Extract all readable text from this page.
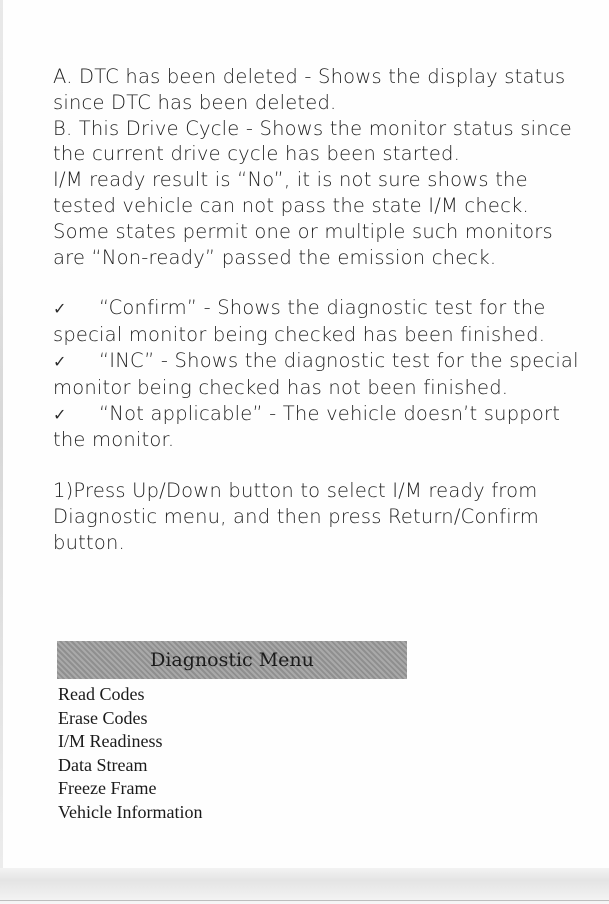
A. DTC has been deleted - Shows the display status since DTC has been deleted.

B. This Drive Cycle - Shows the monitor status since the current drive cycle has been started.

I/M ready result is “No”, it is not sure shows the tested vehicle can not pass the state I/M check. Some states permit one or multiple such monitors are “Non-ready” passed the emission check.

✓ “Confirm” - Shows the diagnostic test for the special monitor being checked has been finished.

✓ “INC” - Shows the diagnostic test for the special monitor being checked has not been finished.

✓ “Not applicable” - The vehicle doesn’t support the monitor.

1)Press Up/Down button to select I/M ready from Diagnostic menu, and then press Return/Confirm button.

Diagnostic Menu
Read Codes
Erase Codes
I/M Readiness
Data Stream
Freeze Frame
Vehicle Information
